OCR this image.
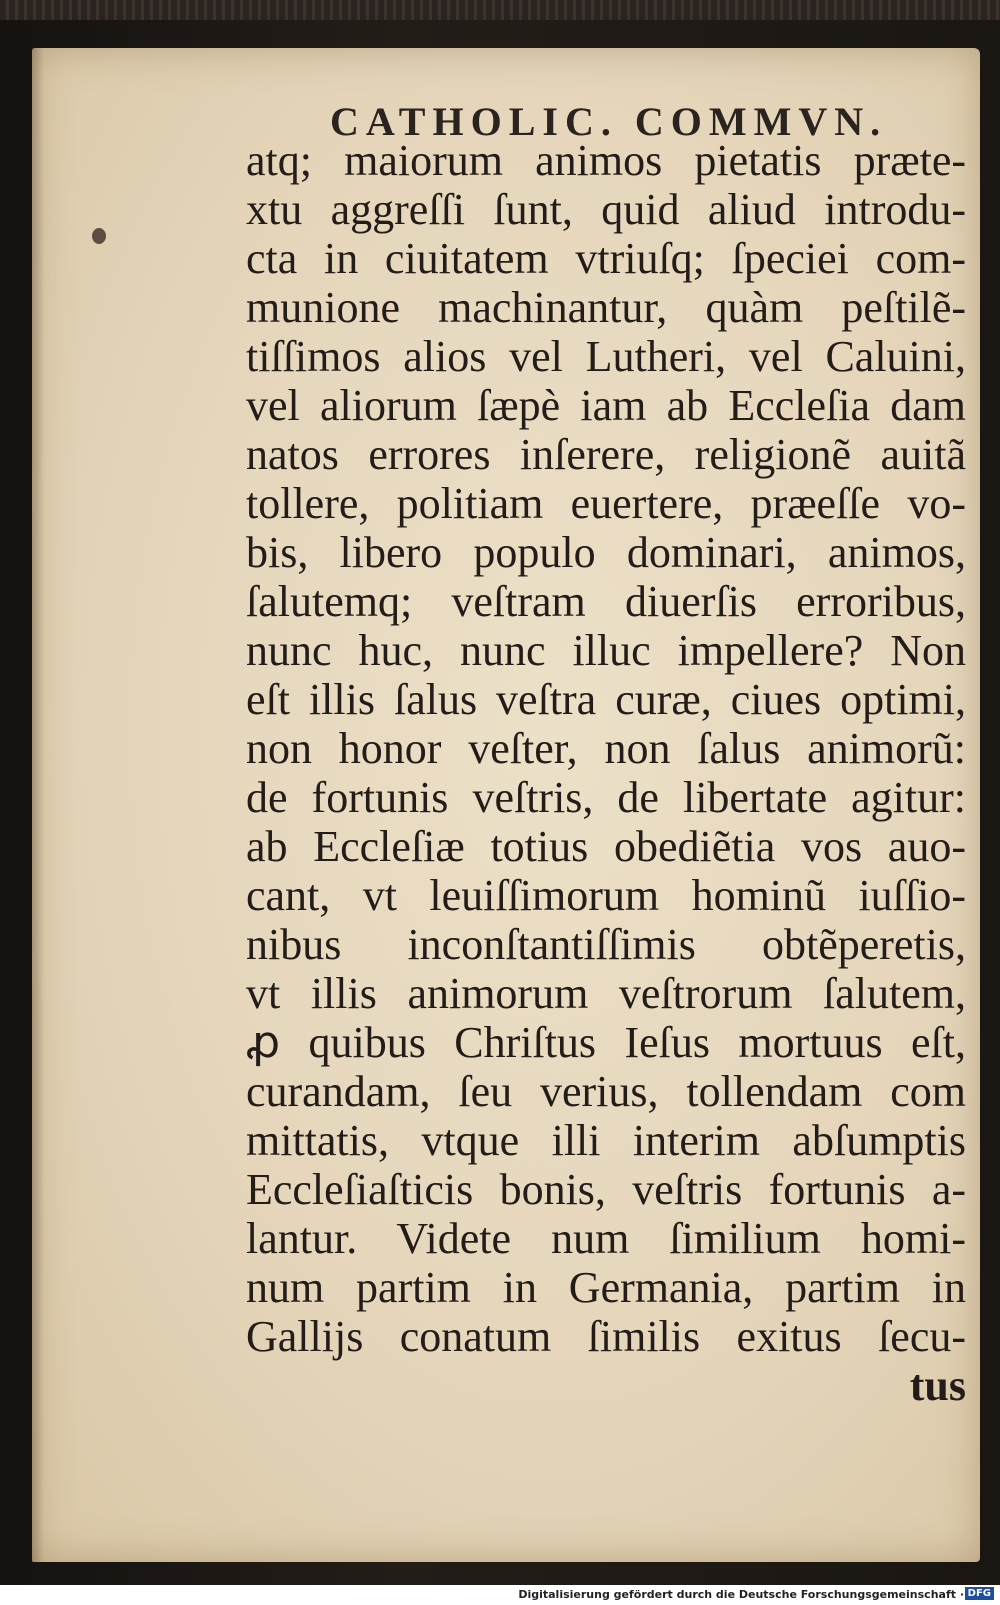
CATHOLIC. COMMVN.
atq; maiorum animos pietatis præte-
xtu aggreſſi ſunt, quid aliud introdu-
cta in ciuitatem vtriuſq; ſpeciei com-
munione machinantur, quàm peſtilẽ-
tiſſimos alios vel Lutheri, vel Caluini,
vel aliorum ſæpè iam ab Eccleſia dam
natos errores inſerere, religionẽ auitã
tollere, politiam euertere, præeſſe vo-
bis, libero populo dominari, animos,
ſalutemq; veſtram diuerſis erroribus,
nunc huc, nunc illuc impellere? Non
eſt illis ſalus veſtra curæ, ciues optimi,
non honor veſter, non ſalus animorũ:
de fortunis veſtris, de libertate agitur:
ab Eccleſiæ totius obediẽtia vos auo-
cant, vt leuiſſimorum hominũ iuſſio-
nibus inconſtantiſſimis obtẽperetis,
vt illis animorum veſtrorum ſalutem,
ꝓ quibus Chriſtus Ieſus mortuus eſt,
curandam, ſeu verius, tollendam com
mittatis, vtque illi interim abſumptis
Eccleſiaſticis bonis, veſtris fortunis a-
lantur. Videte num ſimilium homi-
num partim in Germania, partim in
Gallijs conatum ſimilis exitus ſecu-
tus
Digitalisierung gefördert durch die Deutsche Forschungsgemeinschaft · DFG
